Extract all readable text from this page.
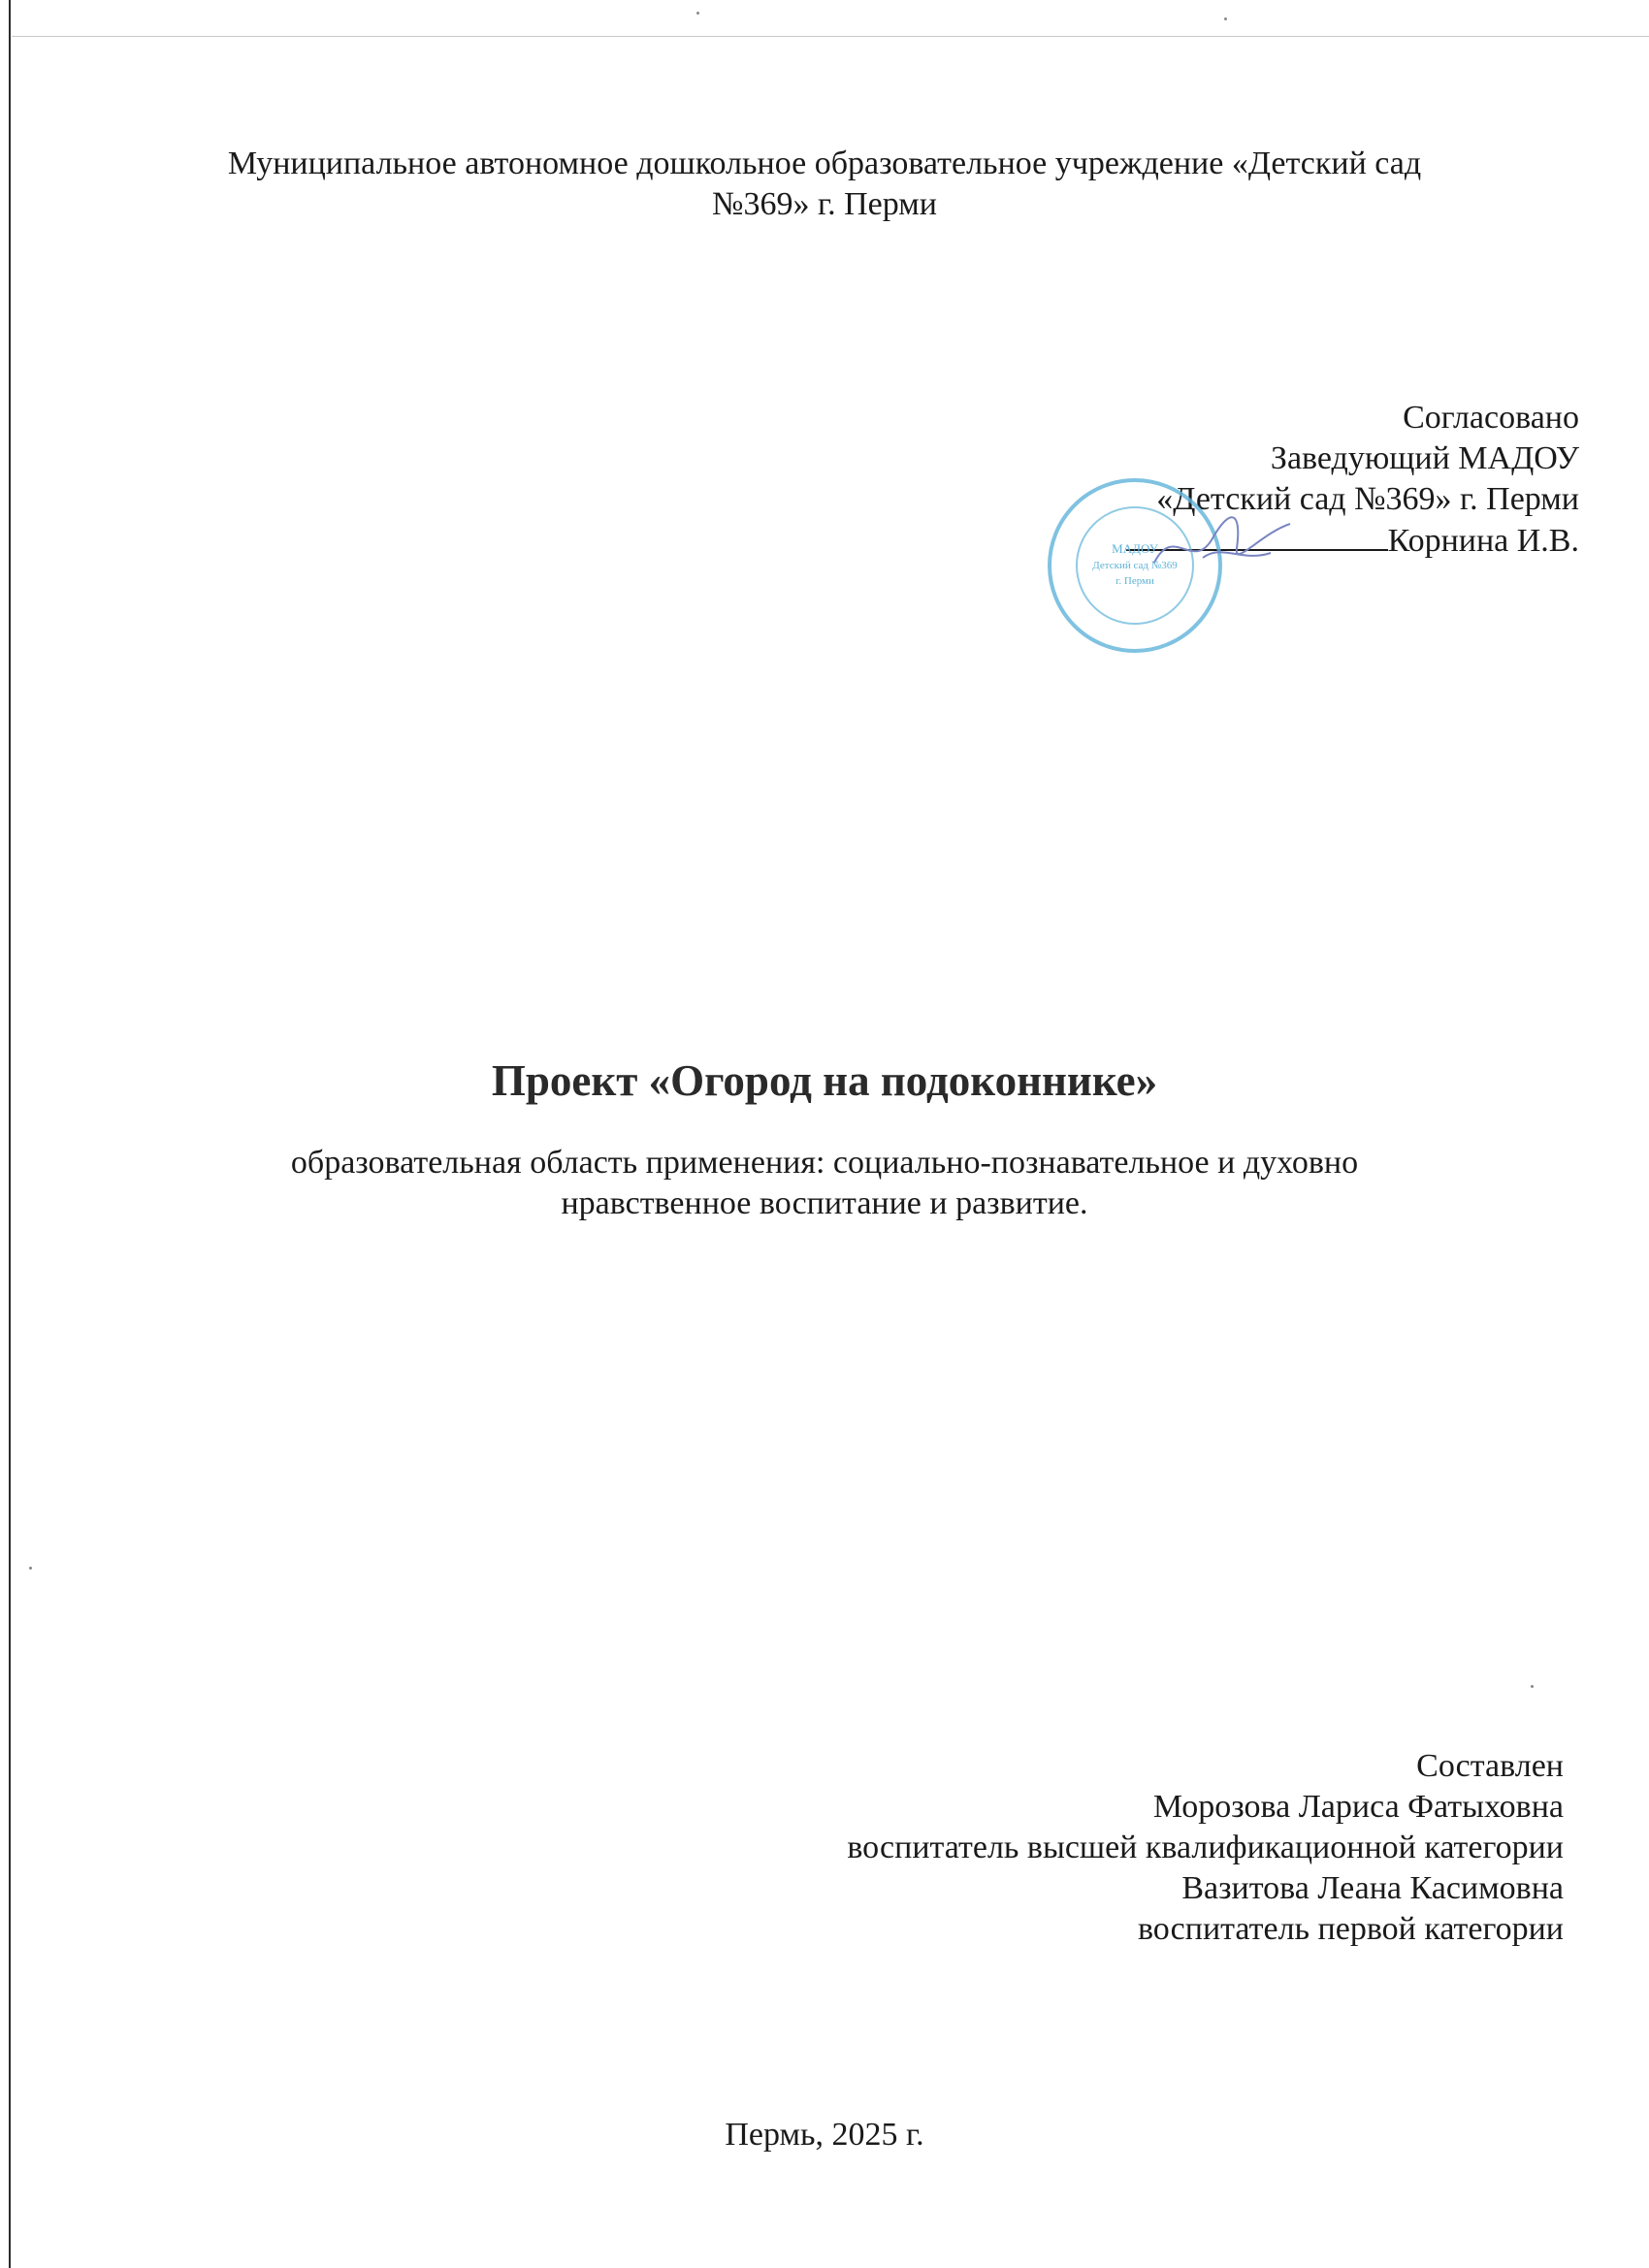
Муниципальное автономное дошкольное образовательное учреждение «Детский сад
№369» г. Перми
Согласовано
Заведующий МАДОУ
«Детский сад №369» г. Перми
Корнина И.В.
МАДОУ
Детский сад №369
г. Перми
Проект «Огород на подоконнике»
образовательная область применения: социально-познавательное и духовно
нравственное воспитание и развитие.
Составлен
Морозова Лариса Фатыховна
воспитатель высшей квалификационной категории
Вазитова Леана Касимовна
воспитатель первой категории
Пермь, 2025 г.
